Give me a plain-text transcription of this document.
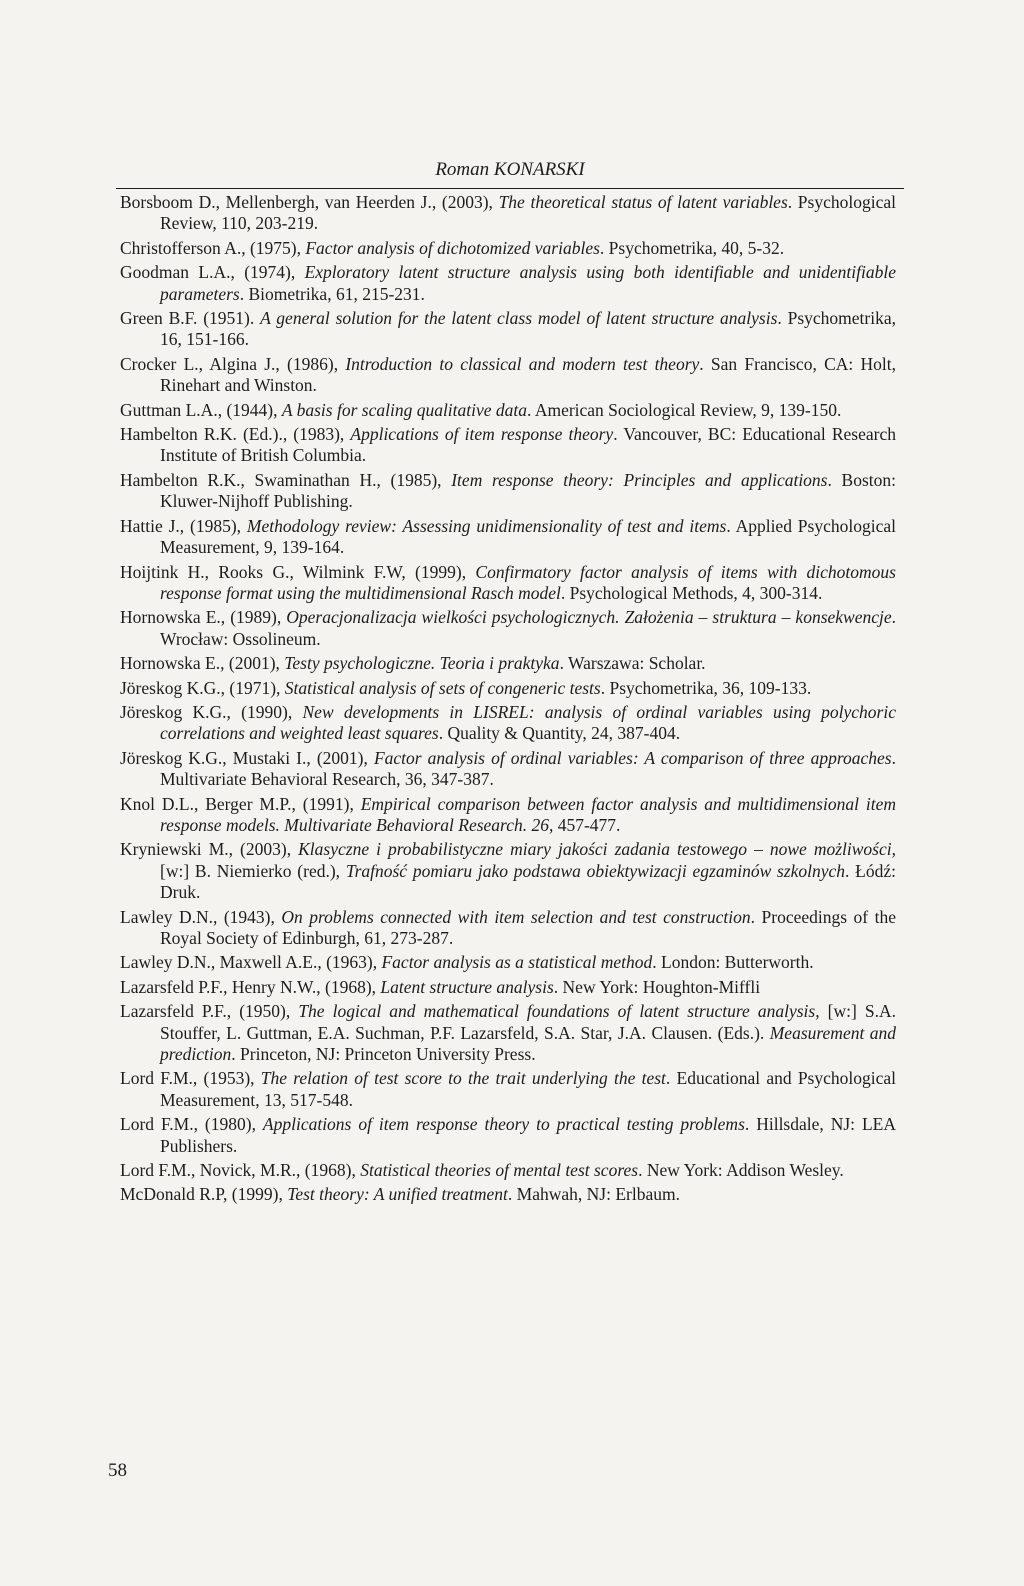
Roman KONARSKI
Borsboom D., Mellenbergh, van Heerden J., (2003), The theoretical status of latent variables. Psychological Review, 110, 203-219.
Christofferson A., (1975), Factor analysis of dichotomized variables. Psychometrika, 40, 5-32.
Goodman L.A., (1974), Exploratory latent structure analysis using both identifiable and unidentifiable parameters. Biometrika, 61, 215-231.
Green B.F. (1951). A general solution for the latent class model of latent structure analysis. Psychometrika, 16, 151-166.
Crocker L., Algina J., (1986), Introduction to classical and modern test theory. San Francisco, CA: Holt, Rinehart and Winston.
Guttman L.A., (1944), A basis for scaling qualitative data. American Sociological Review, 9, 139-150.
Hambelton R.K. (Ed.)., (1983), Applications of item response theory. Vancouver, BC: Educational Research Institute of British Columbia.
Hambelton R.K., Swaminathan H., (1985), Item response theory: Principles and applications. Boston: Kluwer-Nijhoff Publishing.
Hattie J., (1985), Methodology review: Assessing unidimensionality of test and items. Applied Psychological Measurement, 9, 139-164.
Hoijtink H., Rooks G., Wilmink F.W, (1999), Confirmatory factor analysis of items with dichotomous response format using the multidimensional Rasch model. Psychological Methods, 4, 300-314.
Hornowska E., (1989), Operacjonalizacja wielkości psychologicznych. Założenia – struktura – konsekwencje. Wrocław: Ossolineum.
Hornowska E., (2001), Testy psychologiczne. Teoria i praktyka. Warszawa: Scholar.
Jöreskog K.G., (1971), Statistical analysis of sets of congeneric tests. Psychometrika, 36, 109-133.
Jöreskog K.G., (1990), New developments in LISREL: analysis of ordinal variables using polychoric correlations and weighted least squares. Quality & Quantity, 24, 387-404.
Jöreskog K.G., Mustaki I., (2001), Factor analysis of ordinal variables: A comparison of three approaches. Multivariate Behavioral Research, 36, 347-387.
Knol D.L., Berger M.P., (1991), Empirical comparison between factor analysis and multidimensional item response models. Multivariate Behavioral Research. 26, 457-477.
Kryniewski M., (2003), Klasyczne i probabilistyczne miary jakości zadania testowego – nowe możliwości, [w:] B. Niemierko (red.), Trafność pomiaru jako podstawa obiektywizacji egzaminów szkolnych. Łódź: Druk.
Lawley D.N., (1943), On problems connected with item selection and test construction. Proceedings of the Royal Society of Edinburgh, 61, 273-287.
Lawley D.N., Maxwell A.E., (1963), Factor analysis as a statistical method. London: Butterworth.
Lazarsfeld P.F., Henry N.W., (1968), Latent structure analysis. New York: Houghton-Miffli
Lazarsfeld P.F., (1950), The logical and mathematical foundations of latent structure analysis, [w:] S.A. Stouffer, L. Guttman, E.A. Suchman, P.F. Lazarsfeld, S.A. Star, J.A. Clausen. (Eds.). Measurement and prediction. Princeton, NJ: Princeton University Press.
Lord F.M., (1953), The relation of test score to the trait underlying the test. Educational and Psychological Measurement, 13, 517-548.
Lord F.M., (1980), Applications of item response theory to practical testing problems. Hillsdale, NJ: LEA Publishers.
Lord F.M., Novick, M.R., (1968), Statistical theories of mental test scores. New York: Addison Wesley.
McDonald R.P, (1999), Test theory: A unified treatment. Mahwah, NJ: Erlbaum.
58
